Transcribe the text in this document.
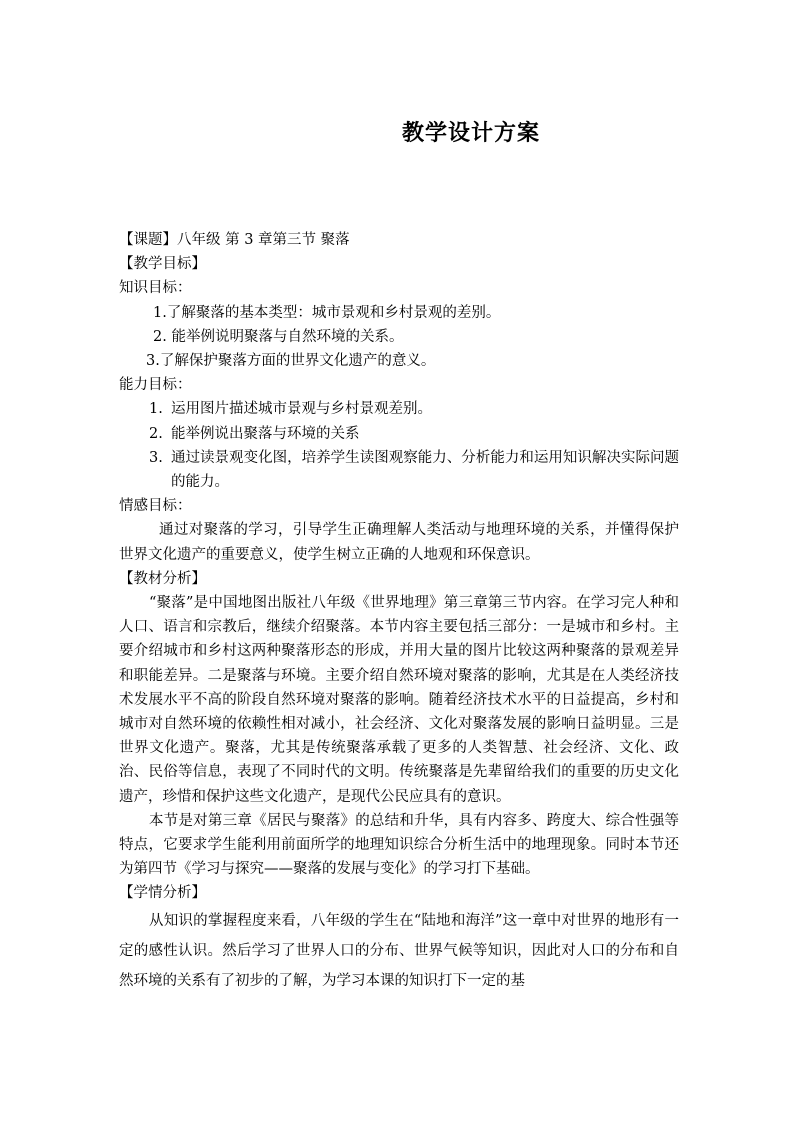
教学设计方案
【课题】八年级 第 3 章第三节 聚落
【教学目标】
知识目标：
1.了解聚落的基本类型：城市景观和乡村景观的差别。
2. 能举例说明聚落与自然环境的关系。
3.了解保护聚落方面的世界文化遗产的意义。
能力目标：
1. 运用图片描述城市景观与乡村景观差别。
2. 能举例说出聚落与环境的关系
3. 通过读景观变化图，培养学生读图观察能力、分析能力和运用知识解决实际问题的能力。
情感目标：
通过对聚落的学习，引导学生正确理解人类活动与地理环境的关系，并懂得保护世界文化遗产的重要意义，使学生树立正确的人地观和环保意识。
【教材分析】
“聚落”是中国地图出版社八年级《世界地理》第三章第三节内容。在学习完人种和人口、语言和宗教后，继续介绍聚落。本节内容主要包括三部分：一是城市和乡村。主要介绍城市和乡村这两种聚落形态的形成，并用大量的图片比较这两种聚落的景观差异和职能差异。二是聚落与环境。主要介绍自然环境对聚落的影响，尤其是在人类经济技术发展水平不高的阶段自然环境对聚落的影响。随着经济技术水平的日益提高，乡村和城市对自然环境的依赖性相对减小，社会经济、文化对聚落发展的影响日益明显。三是世界文化遗产。聚落，尤其是传统聚落承载了更多的人类智慧、社会经济、文化、政治、民俗等信息，表现了不同时代的文明。传统聚落是先辈留给我们的重要的历史文化遗产，珍惜和保护这些文化遗产，是现代公民应具有的意识。
本节是对第三章《居民与聚落》的总结和升华，具有内容多、跨度大、综合性强等特点，它要求学生能利用前面所学的地理知识综合分析生活中的地理现象。同时本节还为第四节《学习与探究——聚落的发展与变化》的学习打下基础。
【学情分析】
从知识的掌握程度来看，八年级的学生在“陆地和海洋”这一章中对世界的地形有一定的感性认识。然后学习了世界人口的分布、世界气候等知识，因此对人口的分布和自然环境的关系有了初步的了解，为学习本课的知识打下一定的基
